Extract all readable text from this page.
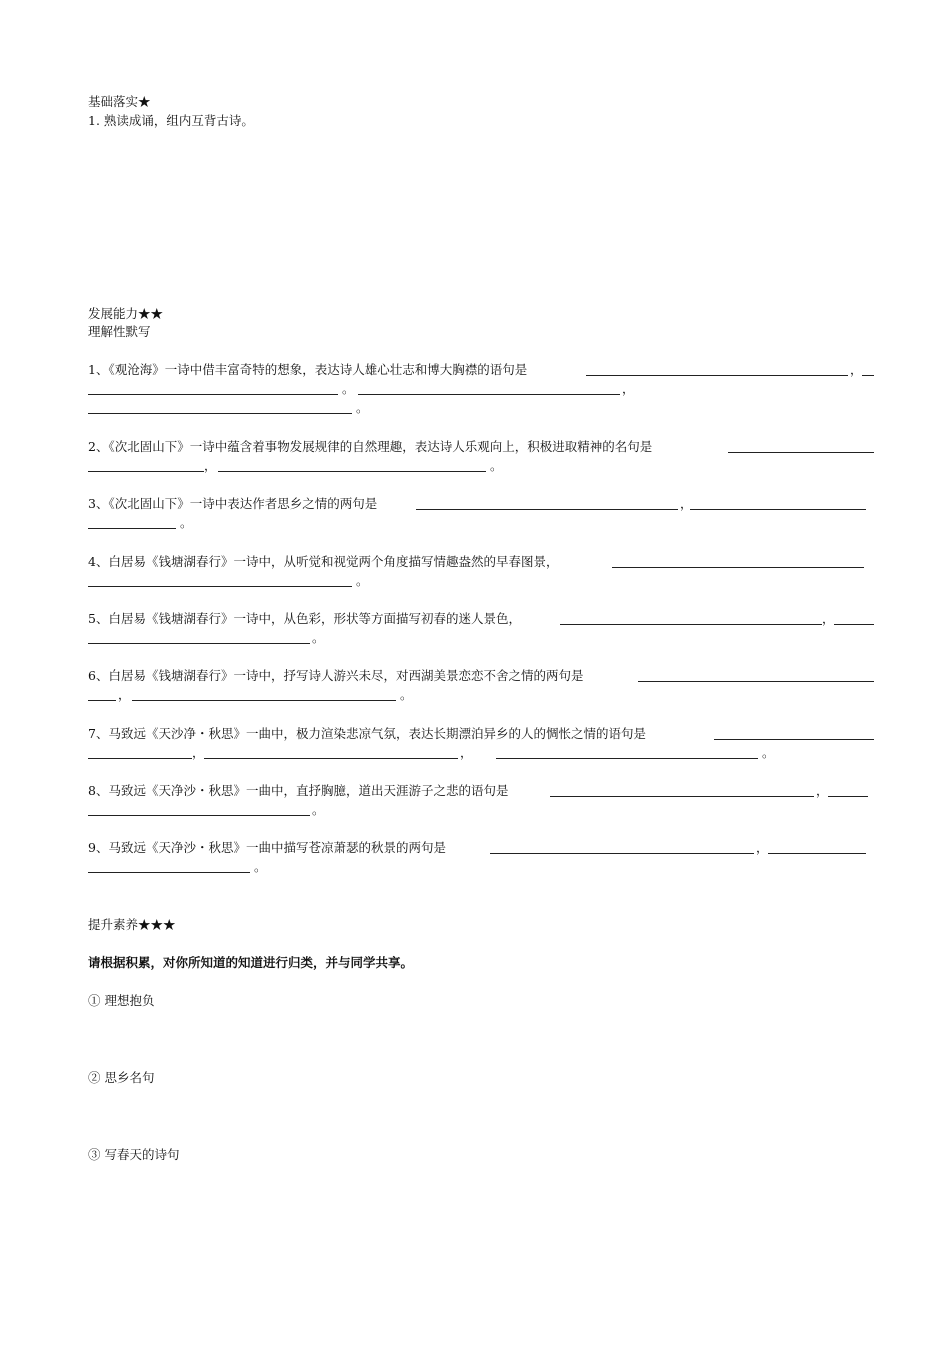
基础落实★
1. 熟读成诵，组内互背古诗。
发展能力★★
理解性默写
1、《观沧海》一诗中借丰富奇特的想象，表达诗人雄心壮志和博大胸襟的语句是	，
。	，
。
2、《次北固山下》一诗中蕴含着事物发展规律的自然理趣，表达诗人乐观向上，积极进取精神的名句是
，	。
3、《次北固山下》一诗中表达作者思乡之情的两句是	，
。
4、白居易《钱塘湖春行》一诗中，从听觉和视觉两个角度描写情趣盎然的早春图景，
。
5、白居易《钱塘湖春行》一诗中，从色彩，形状等方面描写初春的迷人景色，	，
。
6、白居易《钱塘湖春行》一诗中，抒写诗人游兴未尽，对西湖美景恋恋不舍之情的两句是
，	。
7、马致远《天沙净・秋思》一曲中，极力渲染悲凉气氛，表达长期漂泊异乡的人的惆怅之情的语句是
，	，	。
8、马致远《天净沙・秋思》一曲中，直抒胸臆，道出天涯游子之悲的语句是	，
。
9、马致远《天净沙・秋思》一曲中描写苍凉萧瑟的秋景的两句是	，
。
提升素养★★★
请根据积累，对你所知道的知道进行归类，并与同学共享。
① 理想抱负
② 思乡名句
③ 写春天的诗句
